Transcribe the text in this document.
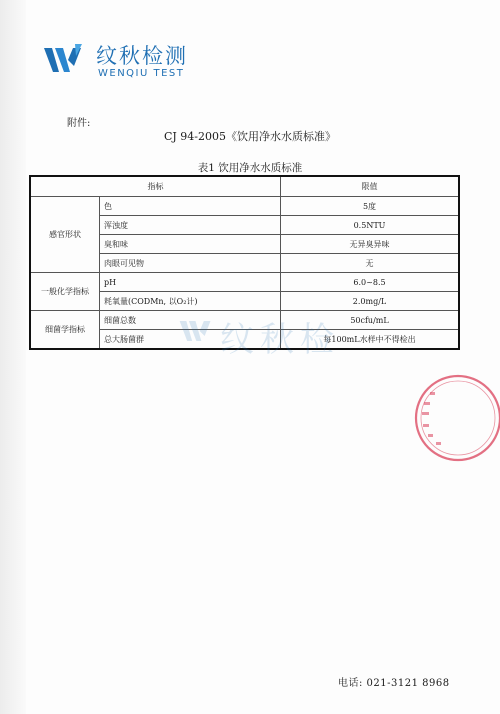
纹秋检测
WENQIU TEST
附件:
CJ 94-2005《饮用净水水质标准》
表1 饮用净水水质标准
指标		限值
感官形状	色	5度
	浑浊度	0.5NTU
	臭和味	无异臭异味
	肉眼可见物	无
一般化学指标	pH	6.0~8.5
	耗氧量(CODMn, 以O₂计)	2.0mg/L
细菌学指标	细菌总数	50cfu/mL
	总大肠菌群	每100mL水样中不得检出
纹秋检
电话: 021-3121 8968
